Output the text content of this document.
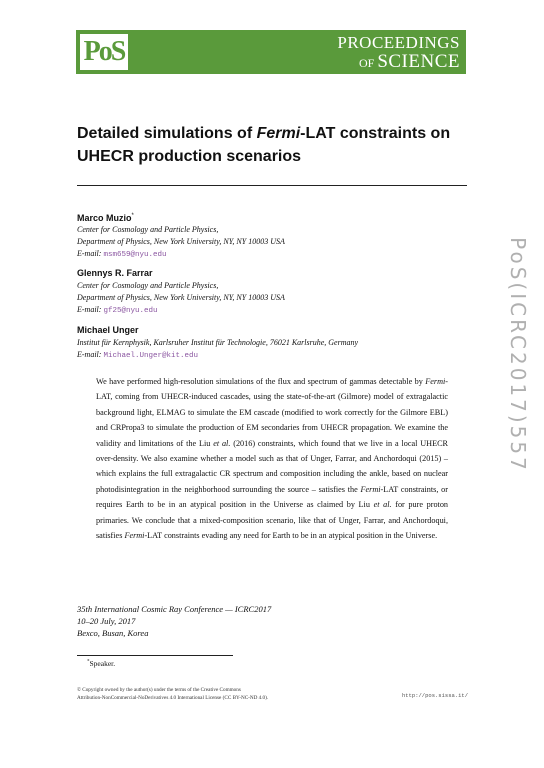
PoS	PROCEEDINGS
OF SCIENCE
Detailed simulations of Fermi-LAT constraints on UHECR production scenarios
Marco Muzio*
Center for Cosmology and Particle Physics,
Department of Physics, New York University, NY, NY 10003 USA
E-mail: msm659@nyu.edu
Glennys R. Farrar
Center for Cosmology and Particle Physics,
Department of Physics, New York University, NY, NY 10003 USA
E-mail: gf25@nyu.edu
Michael Unger
Institut für Kernphysik, Karlsruher Institut für Technologie, 76021 Karlsruhe, Germany
E-mail: Michael.Unger@kit.edu
We have performed high-resolution simulations of the flux and spectrum of gammas detectable by Fermi-LAT, coming from UHECR-induced cascades, using the state-of-the-art (Gilmore) model of extragalactic background light, ELMAG to simulate the EM cascade (modified to work correctly for the Gilmore EBL) and CRPropa3 to simulate the production of EM secondaries from UHECR propagation. We examine the validity and limitations of the Liu et al. (2016) constraints, which found that we live in a local UHECR over-density. We also examine whether a model such as that of Unger, Farrar, and Anchordoqui (2015) – which explains the full extragalactic CR spectrum and composition including the ankle, based on nuclear photodisintegration in the neighborhood surrounding the source – satisfies the Fermi-LAT constraints, or requires Earth to be in an atypical position in the Universe as claimed by Liu et al. for pure proton primaries. We conclude that a mixed-composition scenario, like that of Unger, Farrar, and Anchordoqui, satisfies Fermi-LAT constraints evading any need for Earth to be in an atypical position in the Universe.
35th International Cosmic Ray Conference — ICRC2017
10–20 July, 2017
Bexco, Busan, Korea
*Speaker.
© Copyright owned by the author(s) under the terms of the Creative Commons
Attribution-NonCommercial-NoDerivatives 4.0 International License (CC BY-NC-ND 4.0).	http://pos.sissa.it/
PoS(ICRC2017)557
